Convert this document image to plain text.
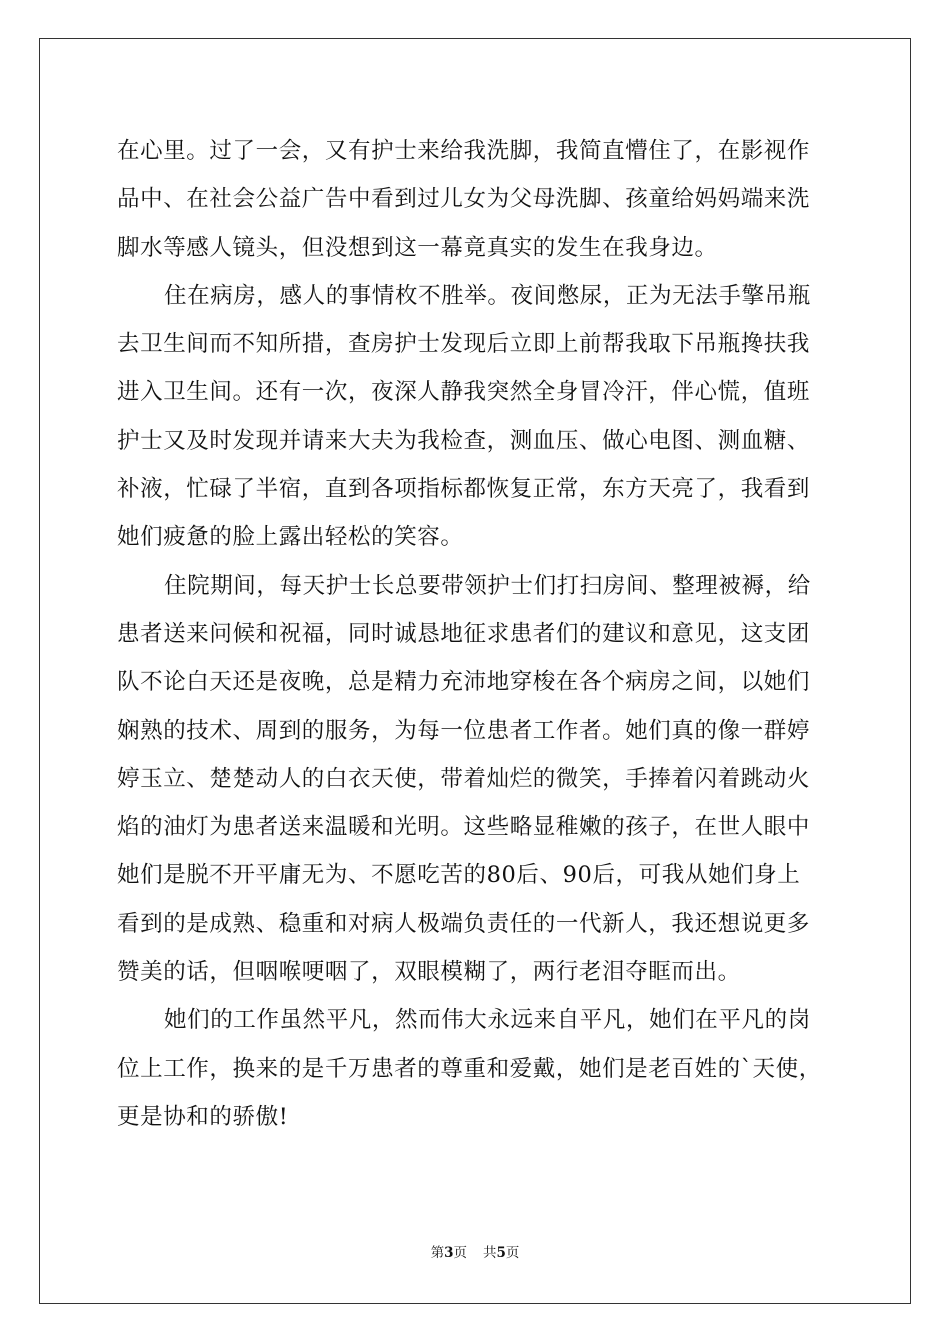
在心里。过了一会，又有护士来给我洗脚，我简直懵住了，在影视作
品中、在社会公益广告中看到过儿女为父母洗脚、孩童给妈妈端来洗
脚水等感人镜头，但没想到这一幕竟真实的发生在我身边。
住在病房，感人的事情枚不胜举。夜间憋尿，正为无法手擎吊瓶
去卫生间而不知所措，查房护士发现后立即上前帮我取下吊瓶搀扶我
进入卫生间。还有一次，夜深人静我突然全身冒冷汗，伴心慌，值班
护士又及时发现并请来大夫为我检查，测血压、做心电图、测血糖、
补液，忙碌了半宿，直到各项指标都恢复正常，东方天亮了，我看到
她们疲惫的脸上露出轻松的笑容。
住院期间，每天护士长总要带领护士们打扫房间、整理被褥，给
患者送来问候和祝福，同时诚恳地征求患者们的建议和意见，这支团
队不论白天还是夜晚，总是精力充沛地穿梭在各个病房之间，以她们
娴熟的技术、周到的服务，为每一位患者工作者。她们真的像一群婷
婷玉立、楚楚动人的白衣天使，带着灿烂的微笑，手捧着闪着跳动火
焰的油灯为患者送来温暖和光明。这些略显稚嫩的孩子，在世人眼中
她们是脱不开平庸无为、不愿吃苦的80后、90后，可我从她们身上
看到的是成熟、稳重和对病人极端负责任的一代新人，我还想说更多
赞美的话，但咽喉哽咽了，双眼模糊了，两行老泪夺眶而出。
她们的工作虽然平凡，然而伟大永远来自平凡，她们在平凡的岗
位上工作，换来的是千万患者的尊重和爱戴，她们是老百姓的`天使，
更是协和的骄傲!
第3页 共5页
